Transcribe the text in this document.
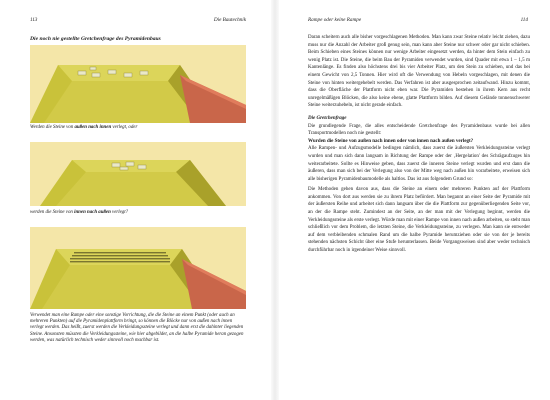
113	Die Bautechnik
Die noch nie gestellte Gretchenfrage des Pyramidenbaus
Werden die Steine von außen nach innen verlegt, oder
werden die Steine von innen nach außen verlegt?
Verwendet man eine Rampe oder eine sonstige Vorrichtung, die die Steine an einem Punkt (oder auch an mehreren Punkten) auf die Pyramidenplattform bringt, so können die Blöcke nur von außen nach innen verlegt werden. Das heißt, zuerst werden die Verkleidungssteine verlegt und dann erst die dahinter liegenden Steine. Ansonsten müssten die Verkleidungssteine, wie hier abgebildet, an die halbe Pyramide heran gezogen werden, was natürlich technisch weder sinnvoll noch machbar ist.
Rampe oder keine Rampe	114

Daran scheitern auch alle bisher vorgeschlagenen Methoden. Man kann zwar Steine relativ leicht ziehen, dazu muss nur die Anzahl der Arbeiter groß genug sein, man kann aber Steine nur schwer oder gar nicht schieben. Beim Schieben eines Steines können nur wenige Arbeiter eingesetzt werden, da hinter dem Stein einfach zu wenig Platz ist. Die Steine, die beim Bau der Pyramiden verwendet wurden, sind Quader mit etwa 1 – 1,5 m Kantenlänge. Es finden also höchstens drei bis vier Arbeiter Platz, um den Stein zu schieben, und das bei einem Gewicht von 2,5 Tonnen. Hier wird oft die Verwendung von Hebeln vorgeschlagen, mit denen die Steine von hinten weitergehebelt werden. Das Verfahren ist aber ausgesprochen zeitaufwand. Hinzu kommt, dass die Oberfläche der Plattform nicht eben war. Die Pyramiden bestehen in ihrem Kern aus recht unregelmäßigen Blöcken, die also keine ebene, glatte Plattform bilden. Auf diesem Gelände tonnenschwerer Steine weiterzuhebeln, ist nicht gerade einfach.

Die Gretchenfrage

Die grundlegende Frage, die alles entscheidende Gretchenfrage des Pyramidenbaus wurde bei allen Transportmodellen noch nie gestellt:

Wurden die Steine von außen nach innen oder von innen nach außen verlegt?

Alle Rampen- und Aufzugsmodelle bedingen nämlich, dass zuerst die äußersten Verkleidungssteine verlegt wurden und man sich dann langsam in Richtung der Rampe oder der ‚Hergelation' des Schrägaufzuges hin weiterarbeitete. Sollte es Hinweise geben, dass zuerst die inneren Steine verlegt wurden und erst dann die äußeren, dass man sich bei der Verlegung also von der Mitte weg nach außen hin vorarbeitete, erweisen sich alle bisherigen Pyramidenbaumodelle als haltlos. Das ist aus folgendem Grund so:

Die Methoden gehen davon aus, dass die Steine an einem oder mehreren Punkten auf der Plattform ankommen. Von dort aus werden sie zu ihrem Platz befördert. Man begannt an einer Seite der Pyramide mit der äußersten Reihe und arbeitet sich dann langsam über die die Plattform zur gegenüberliegenden Seite vor, an der die Rampe steht. Zumindest an der Seite, an der man mit der Verlegung beginnt, werden die Verkleidungssteine als erste verlegt. Würde man mit einer Rampe von innen nach außen arbeiten, so steht man schließlich vor dem Problem, die letzten Steine, die Verkleidungssteine, zu verlegen. Man kann sie entweder auf dem verbleibenden schmalen Rand um die halbe Pyramide herumziehen oder sie von der je bereits stehenden nächsten Schicht über eine Stufe herunterlassen. Beide Vorgangsweisen sind aber weder technisch durchführbar noch in irgendeiner Weise sinnvoll.
